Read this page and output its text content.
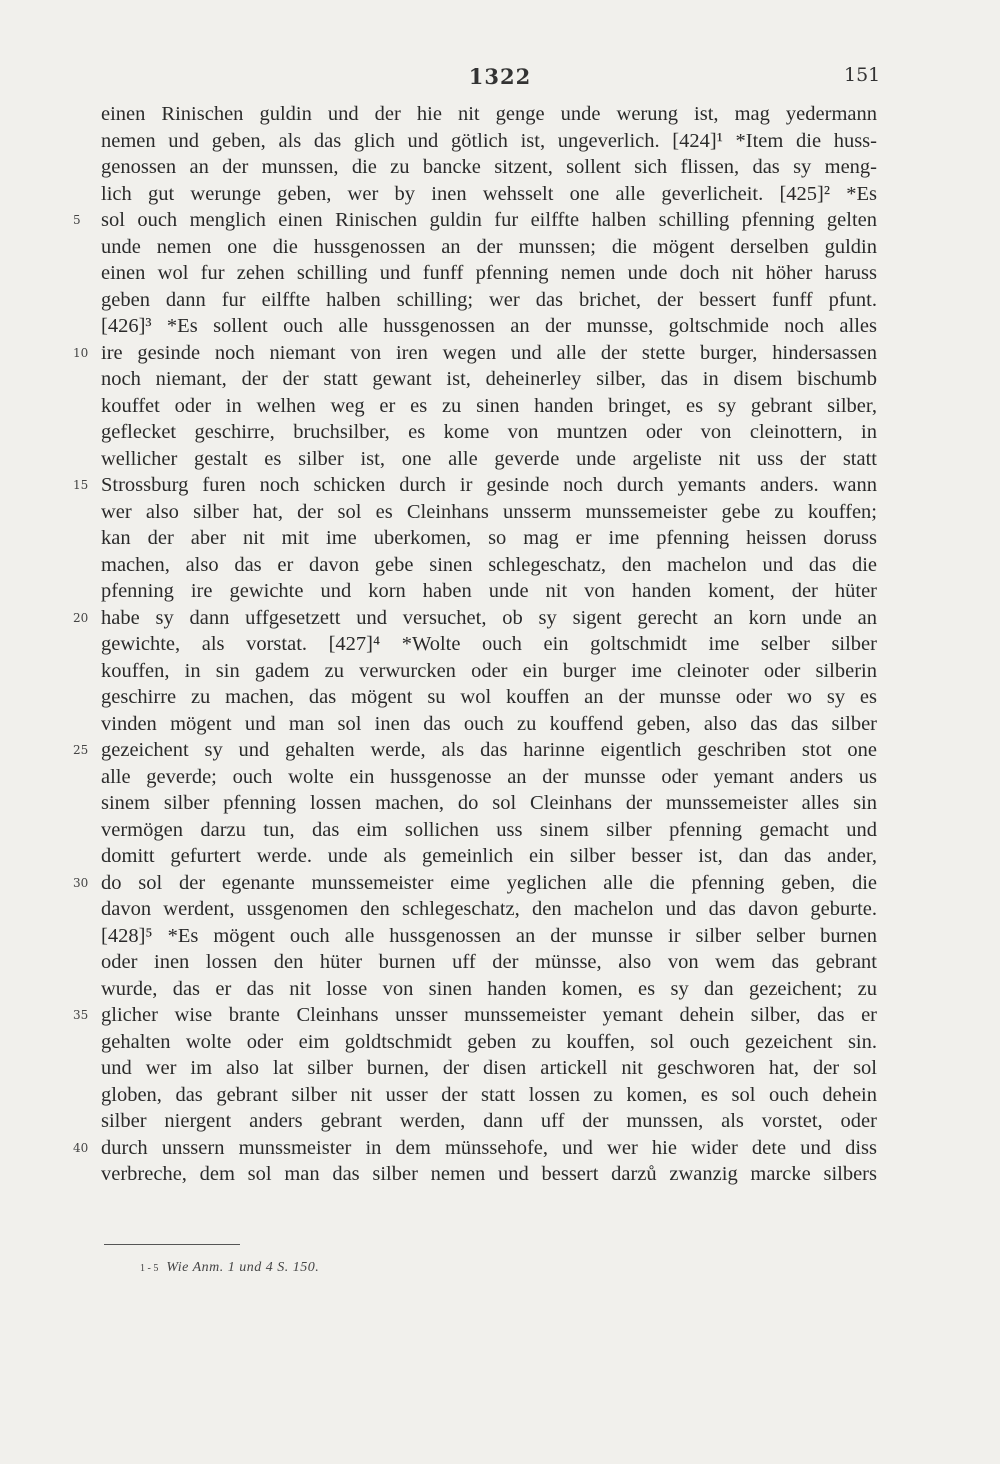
1322	151
einen Rinischen guldin und der hie nit genge unde werung ist, mag yedermann
nemen und geben, als das glich und götlich ist, ungeverlich. [424]¹ *Item die huss-
genossen an der munssen, die zu bancke sitzent, sollent sich flissen, das sy meng-
lich gut werunge geben, wer by inen wehsselt one alle geverlicheit. [425]² *Es
5 sol ouch menglich einen Rinischen guldin fur eilffte halben schilling pfenning gelten
unde nemen one die hussgenossen an der munssen; die mögent derselben guldin
einen wol fur zehen schilling und funff pfenning nemen unde doch nit höher haruss
geben dann fur eilffte halben schilling; wer das brichet, der bessert funff pfunt.
[426]³ *Es sollent ouch alle hussgenossen an der munsse, goltschmide noch alles
10 ire gesinde noch niemant von iren wegen und alle der stette burger, hindersassen
noch niemant, der der statt gewant ist, deheinerley silber, das in disem bischumb
kouffet oder in welhen weg er es zu sinen handen bringet, es sy gebrant silber,
geflecket geschirre, bruchsilber, es kome von muntzen oder von cleinottern, in
wellicher gestalt es silber ist, one alle geverde unde argeliste nit uss der statt
15 Strossburg furen noch schicken durch ir gesinde noch durch yemants anders. wann
wer also silber hat, der sol es Cleinhans unsserm munssemeister gebe zu kouffen;
kan der aber nit mit ime uberkomen, so mag er ime pfenning heissen doruss
machen, also das er davon gebe sinen schlegeschatz, den machelon und das die
pfenning ire gewichte und korn haben unde nit von handen koment, der hüter
20 habe sy dann uffgesetzett und versuchet, ob sy sigent gerecht an korn unde an
gewichte, als vorstat. [427]⁴ *Wolte ouch ein goltschmidt ime selber silber
kouffen, in sin gadem zu verwurcken oder ein burger ime cleinoter oder silberin
geschirre zu machen, das mögent su wol kouffen an der munsse oder wo sy es
vinden mögent und man sol inen das ouch zu kouffend geben, also das das silber
25 gezeichent sy und gehalten werde, als das harinne eigentlich geschriben stot one
alle geverde; ouch wolte ein hussgenosse an der munsse oder yemant anders us
sinem silber pfenning lossen machen, do sol Cleinhans der munssemeister alles sin
vermögen darzu tun, das eim sollichen uss sinem silber pfenning gemacht und
domitt gefurtert werde. unde als gemeinlich ein silber besser ist, dan das ander,
30 do sol der egenante munssemeister eime yeglichen alle die pfenning geben, die
davon werdent, ussgenomen den schlegeschatz, den machelon und das davon geburte.
[428]⁵ *Es mögent ouch alle hussgenossen an der munsse ir silber selber burnen
oder inen lossen den hüter burnen uff der münsse, also von wem das gebrant
wurde, das er das nit losse von sinen handen komen, es sy dan gezeichent; zu
35 glicher wise brante Cleinhans unsser munssemeister yemant dehein silber, das er
gehalten wolte oder eim goldtschmidt geben zu kouffen, sol ouch gezeichent sin.
und wer im also lat silber burnen, der disen artickell nit geschworen hat, der sol
globen, das gebrant silber nit usser der statt lossen zu komen, es sol ouch dehein
silber niergent anders gebrant werden, dann uff der munssen, als vorstet, oder
40 durch unssern munssmeister in dem münssehofe, und wer hie wider dete und diss
verbreche, dem sol man das silber nemen und bessert darzů zwanzig marcke silbers
1 - 5 Wie Anm. 1 und 4 S. 150.
